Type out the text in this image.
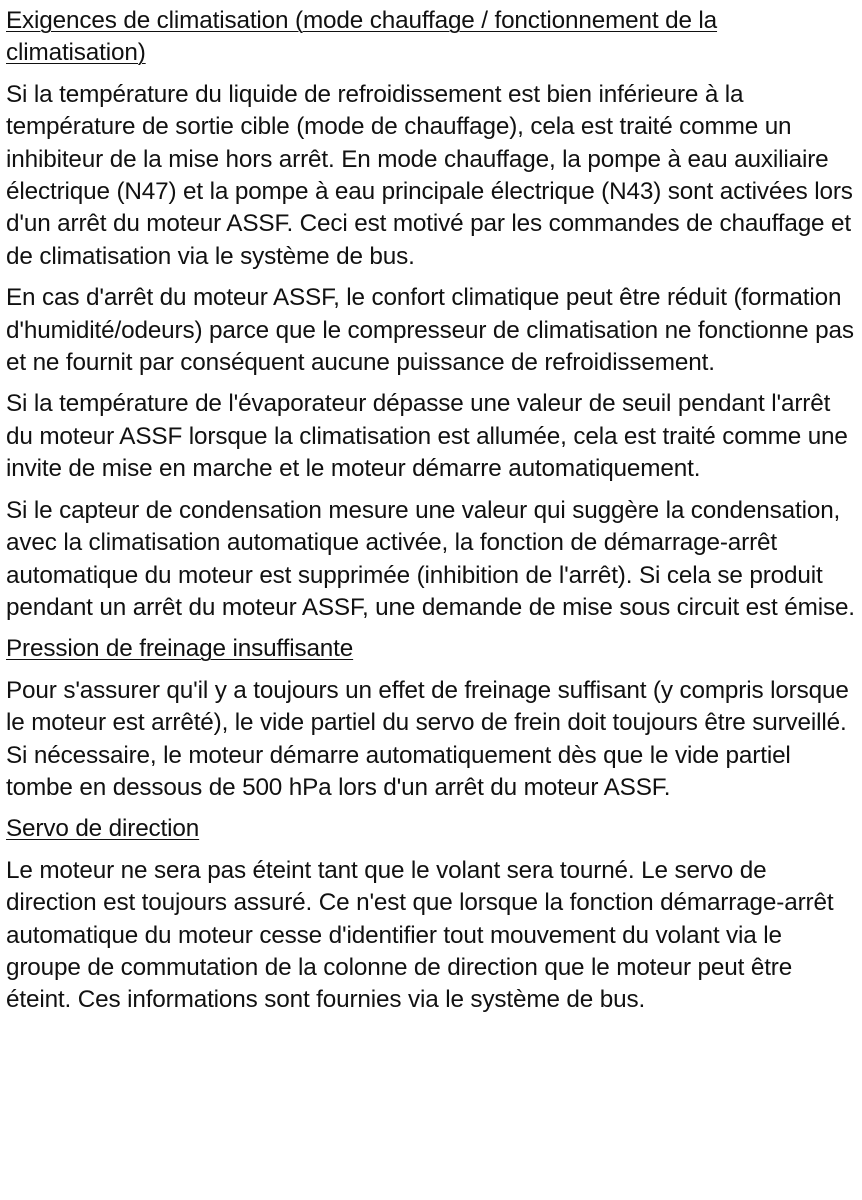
Exigences de climatisation (mode chauffage / fonctionnement de la climatisation)

Si la température du liquide de refroidissement est bien inférieure à la température de sortie cible (mode de chauffage), cela est traité comme un inhibiteur de la mise hors arrêt. En mode chauffage, la pompe à eau auxiliaire électrique (N47) et la pompe à eau principale électrique (N43) sont activées lors d'un arrêt du moteur ASSF. Ceci est motivé par les commandes de chauffage et de climatisation via le système de bus.

En cas d'arrêt du moteur ASSF, le confort climatique peut être réduit (formation d'humidité/odeurs) parce que le compresseur de climatisation ne fonctionne pas et ne fournit par conséquent aucune puissance de refroidissement.

Si la température de l'évaporateur dépasse une valeur de seuil pendant l'arrêt du moteur ASSF lorsque la climatisation est allumée, cela est traité comme une invite de mise en marche et le moteur démarre automatiquement.

Si le capteur de condensation mesure une valeur qui suggère la condensation, avec la climatisation automatique activée, la fonction de démarrage-arrêt automatique du moteur est supprimée (inhibition de l'arrêt). Si cela se produit pendant un arrêt du moteur ASSF, une demande de mise sous circuit est émise.

Pression de freinage insuffisante

Pour s'assurer qu'il y a toujours un effet de freinage suffisant (y compris lorsque le moteur est arrêté), le vide partiel du servo de frein doit toujours être surveillé. Si nécessaire, le moteur démarre automatiquement dès que le vide partiel tombe en dessous de 500 hPa lors d'un arrêt du moteur ASSF.

Servo de direction

Le moteur ne sera pas éteint tant que le volant sera tourné. Le servo de direction est toujours assuré. Ce n'est que lorsque la fonction démarrage-arrêt automatique du moteur cesse d'identifier tout mouvement du volant via le groupe de commutation de la colonne de direction que le moteur peut être éteint. Ces informations sont fournies via le système de bus.
